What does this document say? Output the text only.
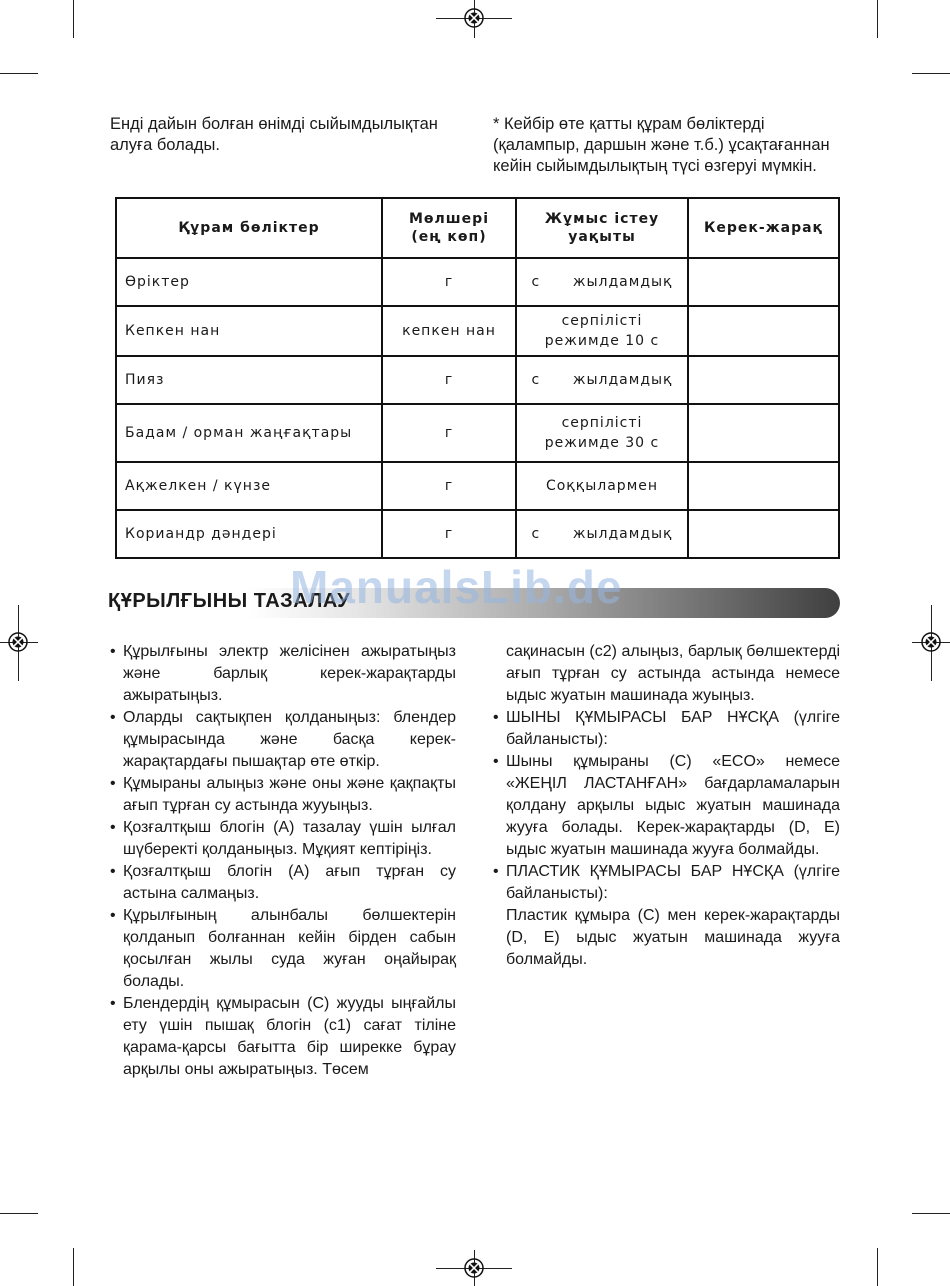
Енді дайын болған өнімді сыйымдылықтан алуға болады.
* Кейбір өте қатты құрам бөліктерді (қалампыр, даршын және т.б.) ұсақтағаннан кейін сыйымдылықтың түсі өзгеруі мүмкін.
Құрам бөліктер	Мөлшері (ең көп)	Жұмыс істеу уақыты	Керек-жарақ
Өріктер	г	с      жылдамдық	
Кепкен нан	кепкен нан	серпілісті режимде 10 с	
Пияз	г	с      жылдамдық	
Бадам / орман жаңғақтары	г	серпілісті режимде 30 с	
Ақжелкен / күнзе	г	Соққылармен	
Кориандр дәндері	г	с      жылдамдық	
ҚҰРЫЛҒЫНЫ ТАЗАЛАУ
ManualsLib.de
• Құрылғыны электр желісінен ажыратыңыз және барлық керек-жарақтарды ажыратыңыз.
• Оларды сақтықпен қолданыңыз: блендер құмырасында және басқа керек-жарақтардағы пышақтар өте өткір.
• Құмыраны алыңыз және оны және қақпақты ағып тұрған су астында жууыңыз.
• Қозғалтқыш блогін (A) тазалау үшін ылғал шүберекті қолданыңыз. Мұқият кептіріңіз.
• Қозғалтқыш блогін (A) ағып тұрған су астына салмаңыз.
• Құрылғының алынбалы бөлшектерін қолданып болғаннан кейін бірден сабын қосылған жылы суда жуған оңайырақ болады.
• Блендердің құмырасын (C) жууды ыңғайлы ету үшін пышақ блогін (c1) сағат тіліне қарама-қарсы бағытта бір ширекке бұрау арқылы оны ажыратыңыз. Төсем
сақинасын (c2) алыңыз, барлық бөлшектерді ағып тұрған су астында астында немесе ыдыс жуатын машинада жуыңыз.
• ШЫНЫ ҚҰМЫРАСЫ БАР НҰСҚА (үлгіге байланысты):
• Шыны құмыраны (C) «ECO» немесе «ЖЕҢІЛ ЛАСТАНҒАН» бағдарламаларын қолдану арқылы ыдыс жуатын машинада жууға болады. Керек-жарақтарды (D, E) ыдыс жуатын машинада жууға болмайды.
• ПЛАСТИК ҚҰМЫРАСЫ БАР НҰСҚА (үлгіге байланысты):
Пластик құмыра (C) мен керек-жарақтарды (D, E) ыдыс жуатын машинада жууға болмайды.
